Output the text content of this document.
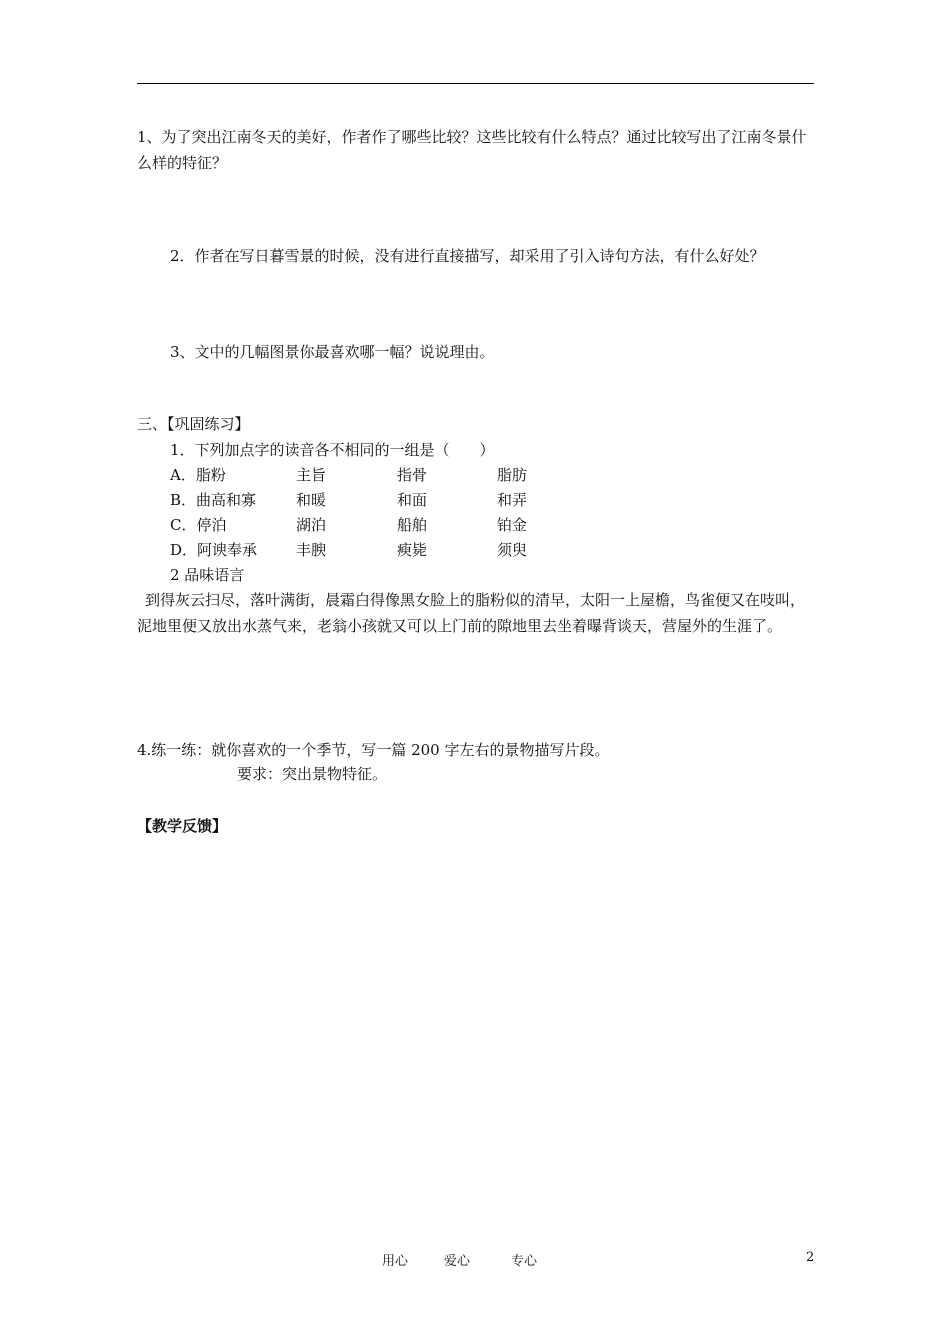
1、为了突出江南冬天的美好，作者作了哪些比较？这些比较有什么特点？通过比较写出了江南冬景什么样的特征？
2．作者在写日暮雪景的时候，没有进行直接描写，却采用了引入诗句方法，有什么好处？
3、文中的几幅图景你最喜欢哪一幅？说说理由。
三、【巩固练习】
1．下列加点字的读音各不相同的一组是（　　）
A．脂粉	主旨	指骨	脂肪
B．曲高和寡	和暖	和面	和弄
C．停泊	湖泊	船舶	铂金
D．阿谀奉承	丰腴	瘐毙	须臾
2 品味语言
到得灰云扫尽，落叶满街，晨霜白得像黑女脸上的脂粉似的清早，太阳一上屋檐，鸟雀便又在吱叫，泥地里便又放出水蒸气来，老翁小孩就又可以上门前的隙地里去坐着曝背谈天，营屋外的生涯了。
4.练一练：就你喜欢的一个季节，写一篇 200 字左右的景物描写片段。
要求：突出景物特征。
【教学反馈】
用心	爱心	专心	2
